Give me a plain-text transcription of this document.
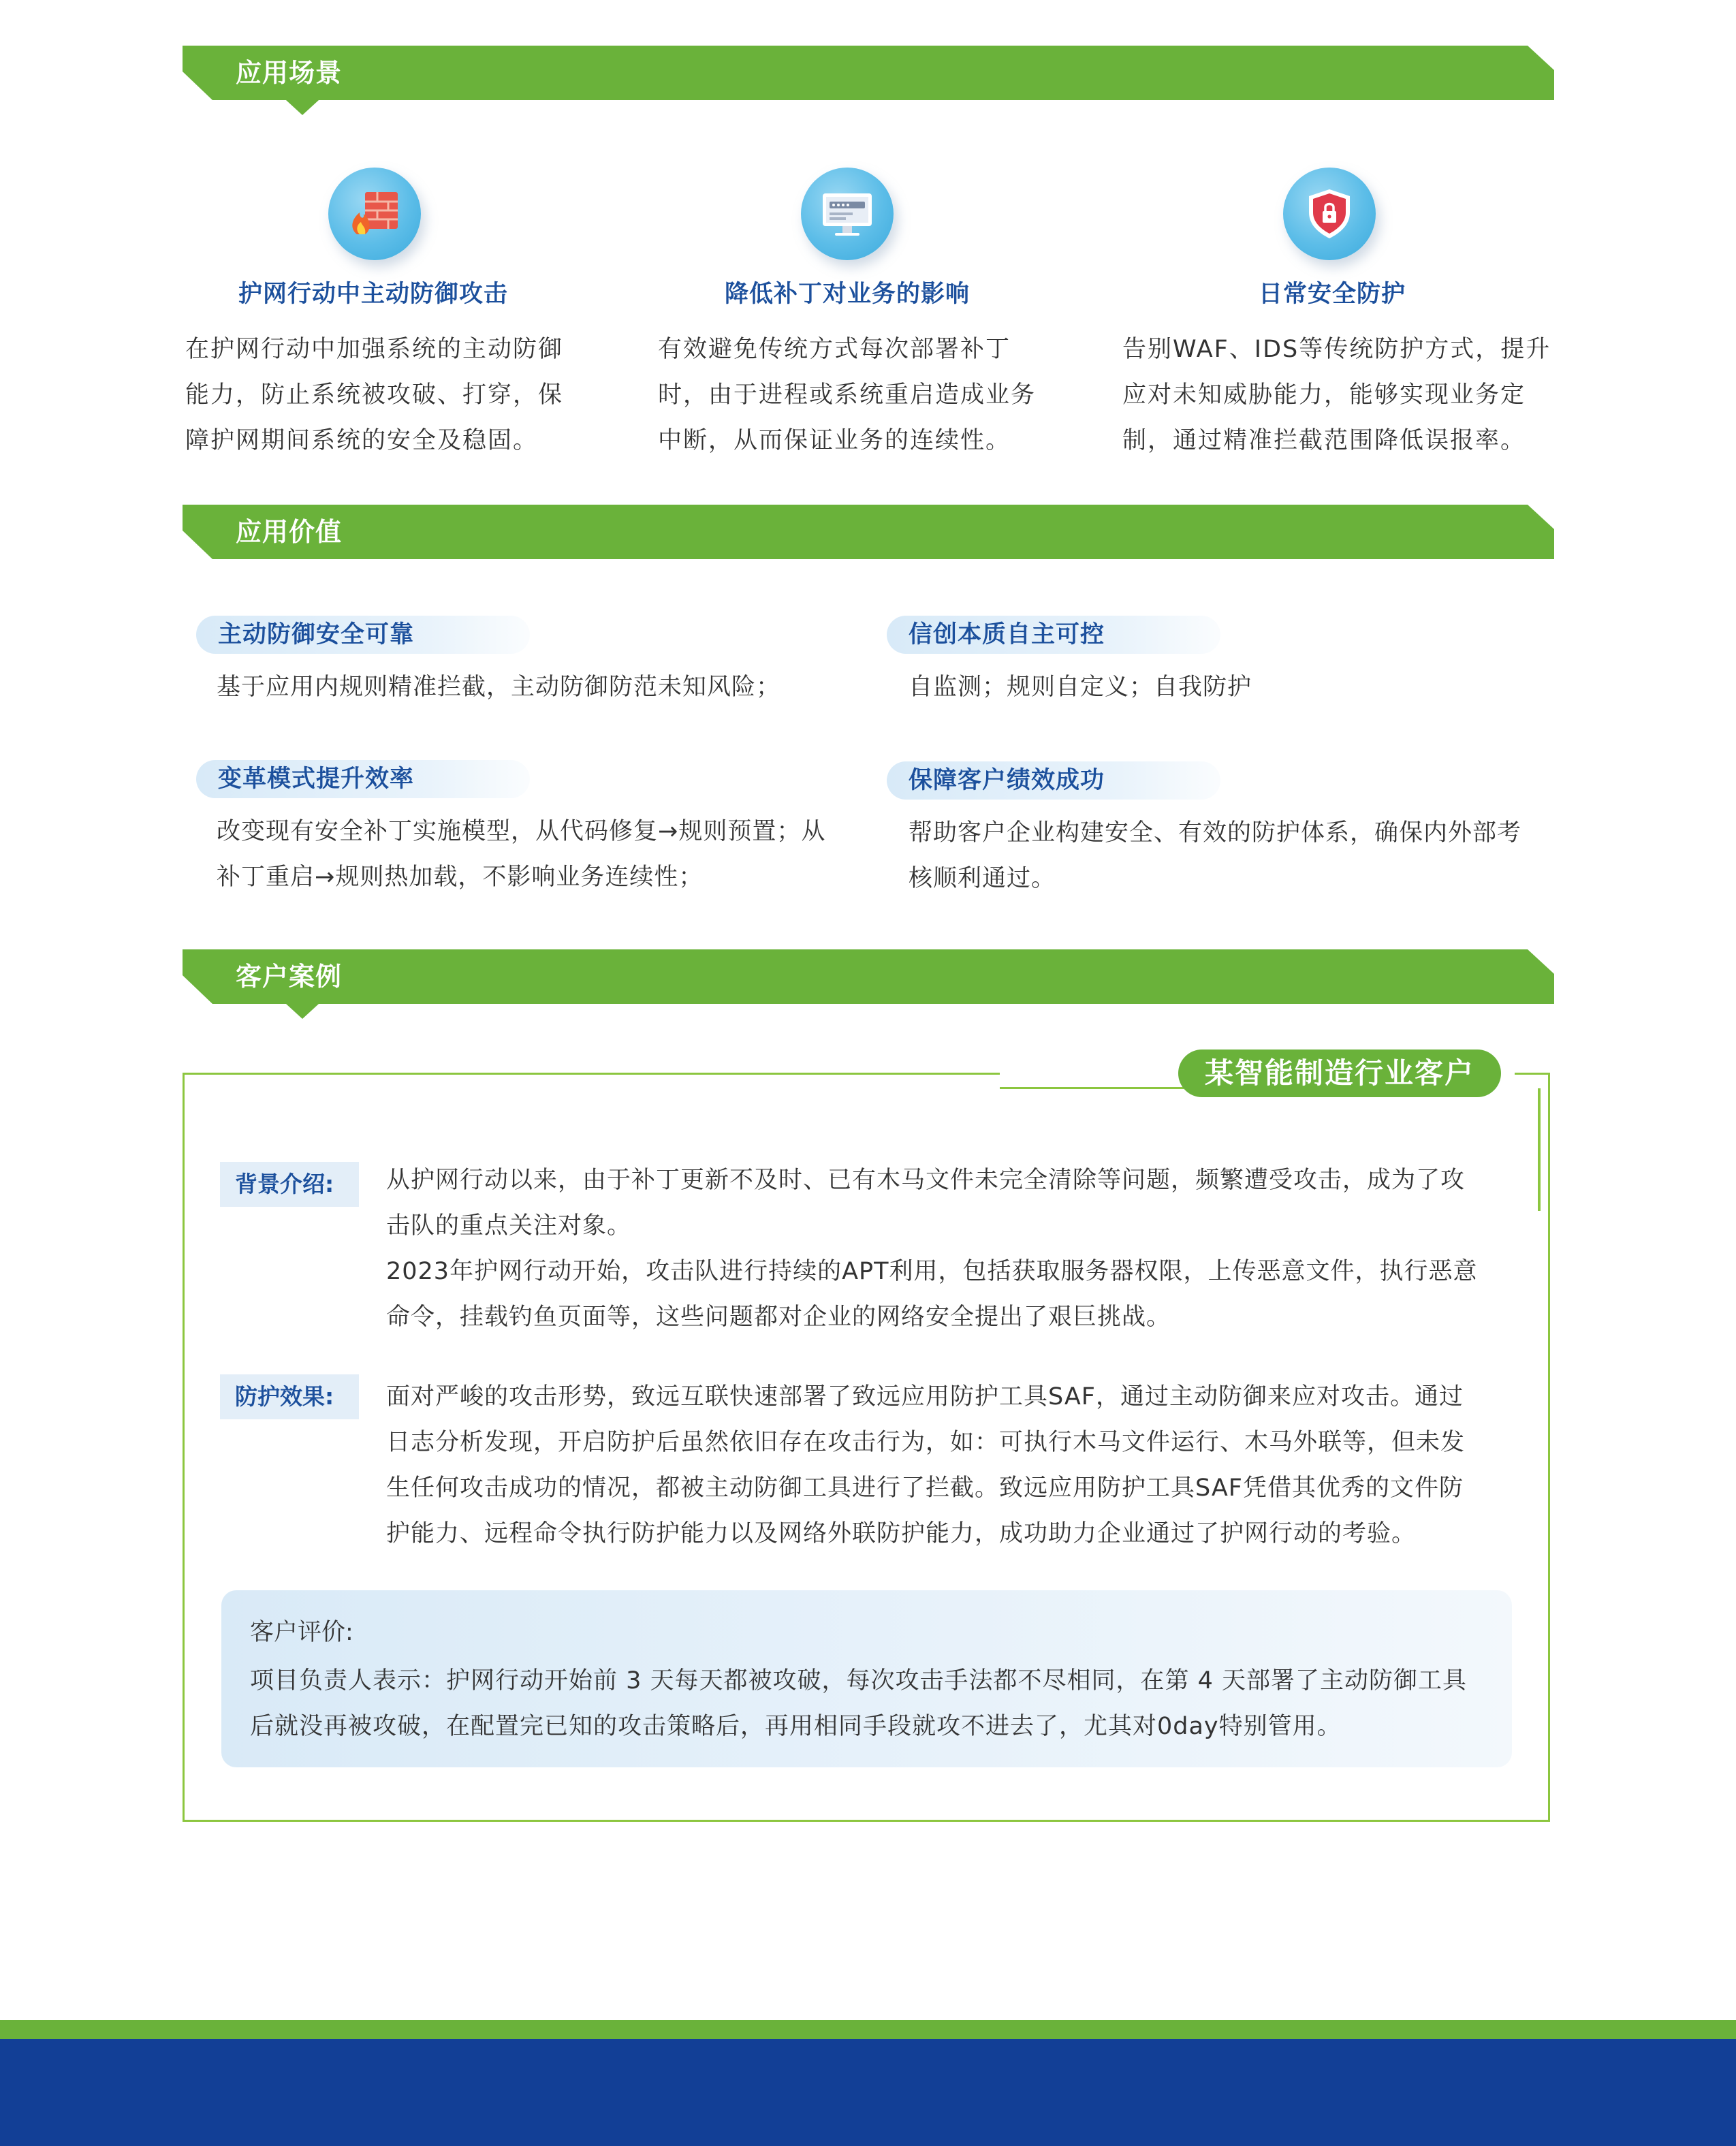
应用场景
护网行动中主动防御攻击
在护网行动中加强系统的主动防御
能力，防止系统被攻破、打穿，保
障护网期间系统的安全及稳固。
降低补丁对业务的影响
有效避免传统方式每次部署补丁
时，由于进程或系统重启造成业务
中断，从而保证业务的连续性。
日常安全防护
告别WAF、IDS等传统防护方式，提升
应对未知威胁能力，能够实现业务定
制，通过精准拦截范围降低误报率。
应用价值
主动防御安全可靠
基于应用内规则精准拦截，主动防御防范未知风险；
信创本质自主可控
自监测；规则自定义；自我防护
变革模式提升效率
改变现有安全补丁实施模型，从代码修复→规则预置；从
补丁重启→规则热加载，不影响业务连续性；
保障客户绩效成功
帮助客户企业构建安全、有效的防护体系，确保内外部考
核顺利通过。
客户案例
某智能制造行业客户
背景介绍:	从护网行动以来，由于补丁更新不及时、已有木马文件未完全清除等问题，频繁遭受攻击，成为了攻
击队的重点关注对象。
2023年护网行动开始，攻击队进行持续的APT利用，包括获取服务器权限，上传恶意文件，执行恶意
命令，挂载钓鱼页面等，这些问题都对企业的网络安全提出了艰巨挑战。
防护效果:	面对严峻的攻击形势，致远互联快速部署了致远应用防护工具SAF，通过主动防御来应对攻击。通过
日志分析发现，开启防护后虽然依旧存在攻击行为，如：可执行木马文件运行、木马外联等，但未发
生任何攻击成功的情况，都被主动防御工具进行了拦截。致远应用防护工具SAF凭借其优秀的文件防
护能力、远程命令执行防护能力以及网络外联防护能力，成功助力企业通过了护网行动的考验。
客户评价:
项目负责人表示：护网行动开始前 3 天每天都被攻破，每次攻击手法都不尽相同，在第 4 天部署了主动防御工具
后就没再被攻破，在配置完已知的攻击策略后，再用相同手段就攻不进去了，尤其对0day特别管用。
